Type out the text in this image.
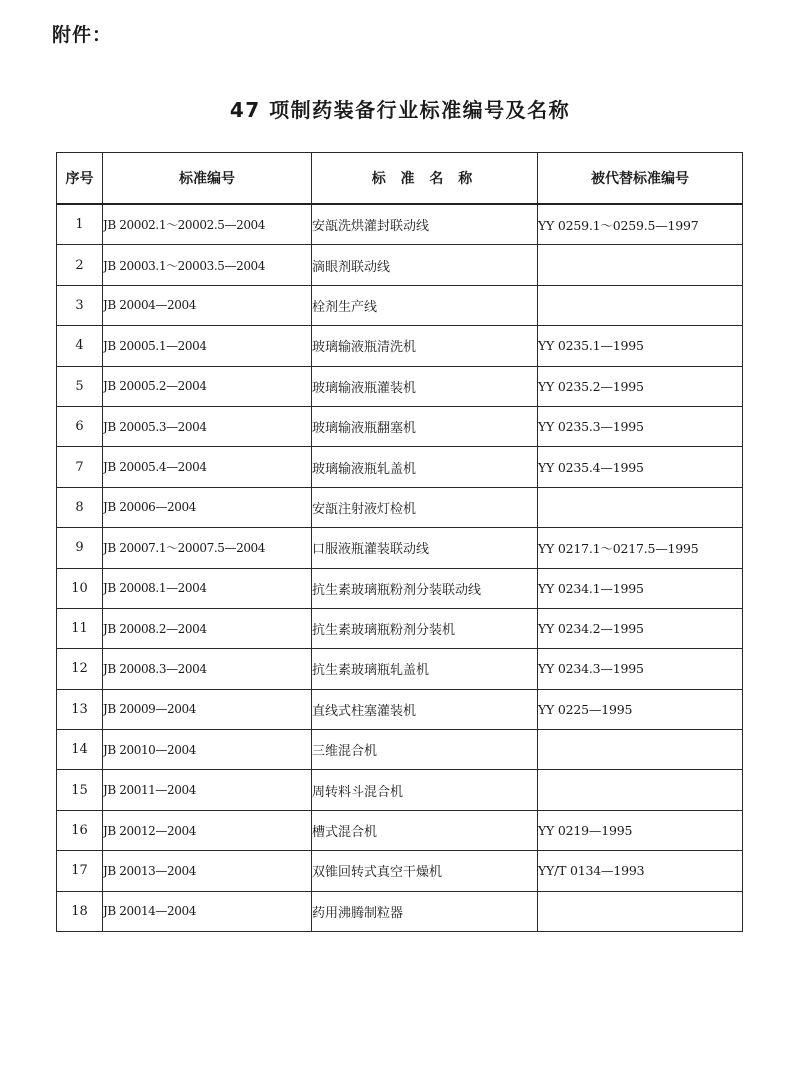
附件：
47 项制药装备行业标准编号及名称
序号	标准编号	标 准 名 称	被代替标准编号
1	JB 20002.1～20002.5—2004	安瓿洗烘灌封联动线	YY 0259.1～0259.5—1997
2	JB 20003.1～20003.5—2004	滴眼剂联动线	
3	JB 20004—2004	栓剂生产线	
4	JB 20005.1—2004	玻璃输液瓶清洗机	YY 0235.1—1995
5	JB 20005.2—2004	玻璃输液瓶灌装机	YY 0235.2—1995
6	JB 20005.3—2004	玻璃输液瓶翻塞机	YY 0235.3—1995
7	JB 20005.4—2004	玻璃输液瓶轧盖机	YY 0235.4—1995
8	JB 20006—2004	安瓿注射液灯检机	
9	JB 20007.1～20007.5—2004	口服液瓶灌装联动线	YY 0217.1～0217.5—1995
10	JB 20008.1—2004	抗生素玻璃瓶粉剂分装联动线	YY 0234.1—1995
11	JB 20008.2—2004	抗生素玻璃瓶粉剂分装机	YY 0234.2—1995
12	JB 20008.3—2004	抗生素玻璃瓶轧盖机	YY 0234.3—1995
13	JB 20009—2004	直线式柱塞灌装机	YY 0225—1995
14	JB 20010—2004	三维混合机	
15	JB 20011—2004	周转料斗混合机	
16	JB 20012—2004	槽式混合机	YY 0219—1995
17	JB 20013—2004	双锥回转式真空干燥机	YY/T 0134—1993
18	JB 20014—2004	药用沸腾制粒器	
